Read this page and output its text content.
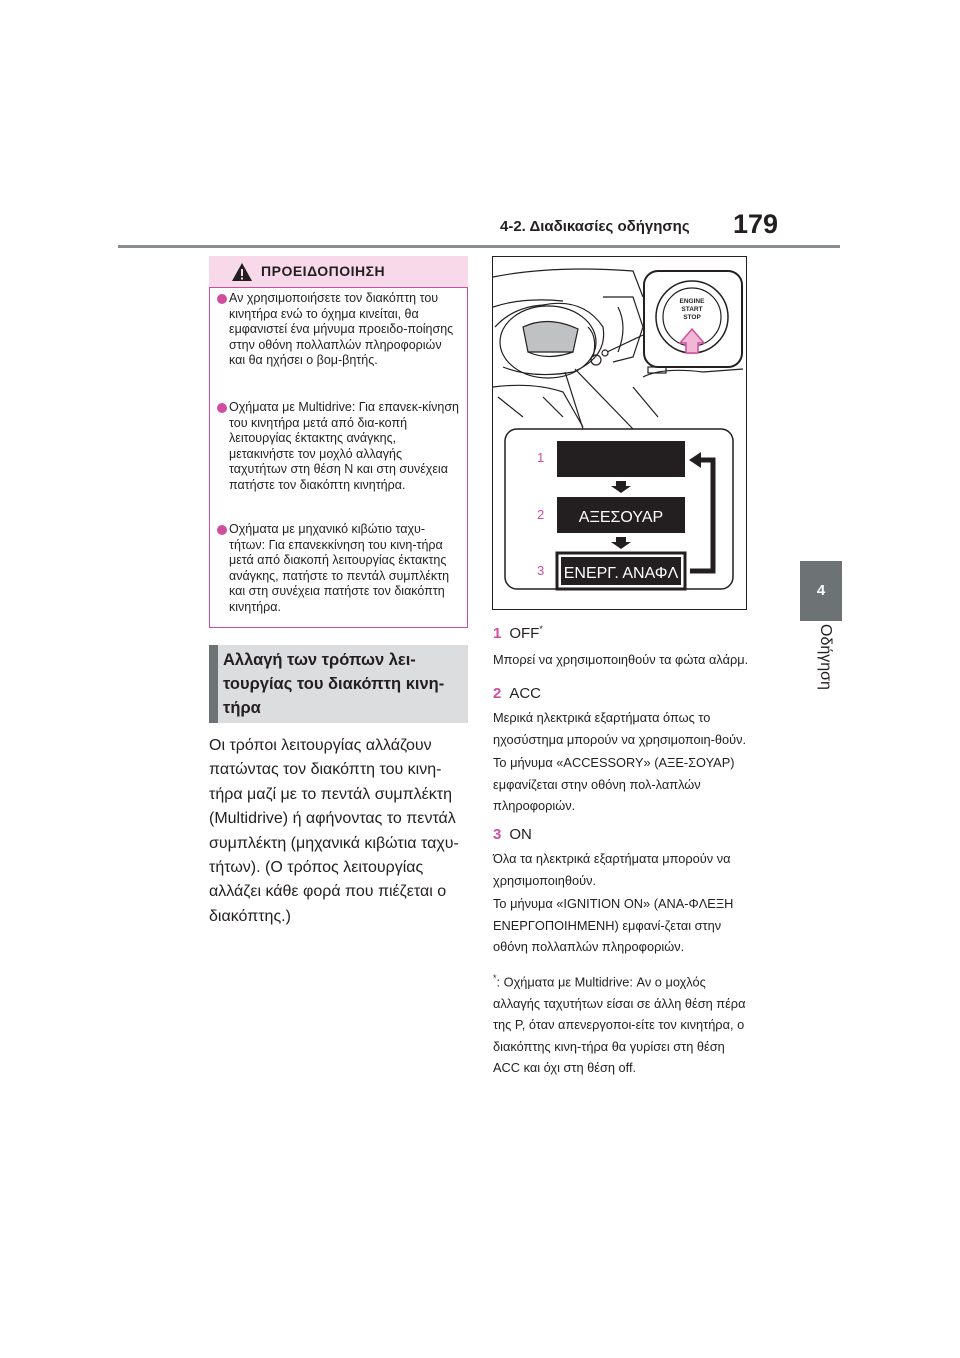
4-2. Διαδικασίες οδήγησης 179
4
Οδήγηση
ΠΡΟΕΙΔΟΠΟΙΗΣΗ
Αν χρησιμοποιήσετε τον διακόπτη του κινητήρα ενώ το όχημα κινείται, θα εμφανιστεί ένα μήνυμα προειδο-ποίησης στην οθόνη πολλαπλών πληροφοριών και θα ηχήσει ο βομ-βητής.
Οχήματα με Multidrive: Για επανεκ-κίνηση του κινητήρα μετά από δια-κοπή λειτουργίας έκτακτης ανάγκης, μετακινήστε τον μοχλό αλλαγής ταχυτήτων στη θέση N και στη συνέχεια πατήστε τον διακόπτη κινητήρα.
Οχήματα με μηχανικό κιβώτιο ταχυ-τήτων: Για επανεκκίνηση του κινη-τήρα μετά από διακοπή λειτουργίας έκτακτης ανάγκης, πατήστε το πεντάλ συμπλέκτη και στη συνέχεια πατήστε τον διακόπτη κινητήρα.
Αλλαγή των τρόπων λει-τουργίας του διακόπτη κινη-τήρα
Οι τρόποι λειτουργίας αλλάζουν πατώντας τον διακόπτη του κινη-τήρα μαζί με το πεντάλ συμπλέκτη (Multidrive) ή αφήνοντας το πεντάλ συμπλέκτη (μηχανικά κιβώτια ταχυ-τήτων). (Ο τρόπος λειτουργίας αλλάζει κάθε φορά που πιέζεται ο διακόπτης.)
ENGINE
START
STOP
1
2
3
ΑΞΕΣΟΥΑΡ
ΕΝΕΡΓ. ΑΝΑΦΛ
1 OFF*
Μπορεί να χρησιμοποιηθούν τα φώτα αλάρμ.
2 ACC
Μερικά ηλεκτρικά εξαρτήματα όπως το ηχοσύστημα μπορούν να χρησιμοποιη-θούν.
Το μήνυμα «ACCESSORY» (ΑΞΕ-ΣΟΥΑΡ) εμφανίζεται στην οθόνη πολ-λαπλών πληροφοριών.
3 ON
Όλα τα ηλεκτρικά εξαρτήματα μπορούν να χρησιμοποιηθούν.
Το μήνυμα «IGNITION ON» (ΑΝΑ-ΦΛΕΞΗ ΕΝΕΡΓΟΠΟΙΗΜΕΝΗ) εμφανί-ζεται στην οθόνη πολλαπλών πληροφοριών.
*: Οχήματα με Multidrive: Αν ο μοχλός αλλαγής ταχυτήτων είσαι σε άλλη θέση πέρα της P, όταν απενεργοποι-είτε τον κινητήρα, ο διακόπτης κινη-τήρα θα γυρίσει στη θέση ACC και όχι στη θέση off.
